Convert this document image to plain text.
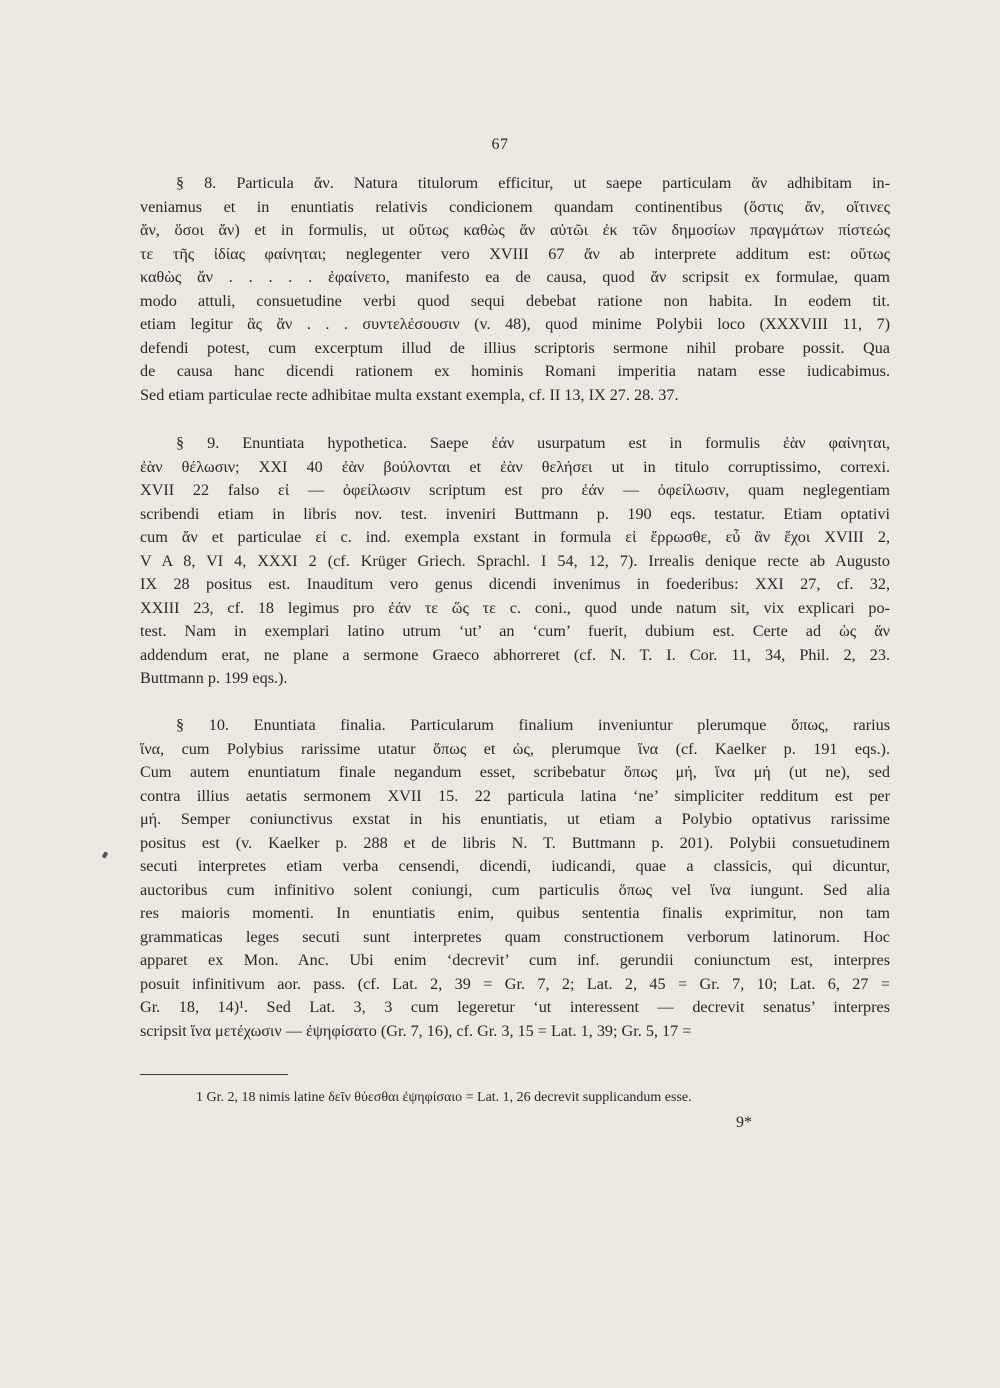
67
§ 8. Particula ἄν. Natura titulorum efficitur, ut saepe particulam ἄν adhibitam in-
veniamus et in enuntiatis relativis condicionem quandam continentibus (ὅστις ἄν, οἵτινες
ἄν, ὅσοι ἄν) et in formulis, ut οὕτως καθὼς ἄν αὐτῶι ἐκ τῶν δημοσίων πραγμάτων πίστεώς
τε τῆς ἰδίας φαίνηται; neglegenter vero XVIII 67 ἄν ab interprete additum est: οὕτως
καθὼς ἄν . . . . . ἐφαίνετο, manifesto ea de causa, quod ἄν scripsit ex formulae, quam
modo attuli, consuetudine verbi quod sequi debebat ratione non habita. In eodem tit.
etiam legitur ἃς ἄν . . . συντελέσουσιν (v. 48), quod minime Polybii loco (XXXVIII 11, 7)
defendi potest, cum excerptum illud de illius scriptoris sermone nihil probare possit. Qua
de causa hanc dicendi rationem ex hominis Romani imperitia natam esse iudicabimus.
Sed etiam particulae recte adhibitae multa exstant exempla, cf. II 13, IX 27. 28. 37.
§ 9. Enuntiata hypothetica. Saepe ἐάν usurpatum est in formulis ἐὰν φαίνηται,
ἐὰν θέλωσιν; XXI 40 ἐὰν βούλονται et ἐὰν θελήσει ut in titulo corruptissimo, correxi.
XVII 22 falso εἰ — ὀφείλωσιν scriptum est pro ἐάν — ὀφείλωσιν, quam neglegentiam
scribendi etiam in libris nov. test. inveniri Buttmann p. 190 eqs. testatur. Etiam optativi
cum ἄν et particulae εἰ c. ind. exempla exstant in formula εἰ ἔρρωσθε, εὖ ἂν ἔχοι XVIII 2,
V A 8, VI 4, XXXI 2 (cf. Krüger Griech. Sprachl. I 54, 12, 7). Irrealis denique recte ab Augusto
IX 28 positus est. Inauditum vero genus dicendi invenimus in foederibus: XXI 27, cf. 32,
XXIII 23, cf. 18 legimus pro ἐάν τε ὥς τε c. coni., quod unde natum sit, vix explicari po-
test. Nam in exemplari latino utrum ‘ut’ an ‘cum’ fuerit, dubium est. Certe ad ὡς ἄν
addendum erat, ne plane a sermone Graeco abhorreret (cf. N. T. I. Cor. 11, 34, Phil. 2, 23.
Buttmann p. 199 eqs.).
§ 10. Enuntiata finalia. Particularum finalium inveniuntur plerumque ὅπως, rarius
ἵνα, cum Polybius rarissime utatur ὅπως et ὡς, plerumque ἵνα (cf. Kaelker p. 191 eqs.).
Cum autem enuntiatum finale negandum esset, scribebatur ὅπως μή, ἵνα μή (ut ne), sed
contra illius aetatis sermonem XVII 15. 22 particula latina ‘ne’ simpliciter redditum est per
μή. Semper coniunctivus exstat in his enuntiatis, ut etiam a Polybio optativus rarissime
positus est (v. Kaelker p. 288 et de libris N. T. Buttmann p. 201). Polybii consuetudinem
secuti interpretes etiam verba censendi, dicendi, iudicandi, quae a classicis, qui dicuntur,
auctoribus cum infinitivo solent coniungi, cum particulis ὅπως vel ἵνα iungunt. Sed alia
res maioris momenti. In enuntiatis enim, quibus sententia finalis exprimitur, non tam
grammaticas leges secuti sunt interpretes quam constructionem verborum latinorum. Hoc
apparet ex Mon. Anc. Ubi enim ‘decrevit’ cum inf. gerundii coniunctum est, interpres
posuit infinitivum aor. pass. (cf. Lat. 2, 39 = Gr. 7, 2; Lat. 2, 45 = Gr. 7, 10; Lat. 6, 27 =
Gr. 18, 14)¹. Sed Lat. 3, 3 cum legeretur ‘ut interessent — decrevit senatus’ interpres
scripsit ἵνα μετέχωσιν — ἐψηφίσατο (Gr. 7, 16), cf. Gr. 3, 15 = Lat. 1, 39; Gr. 5, 17 =
1 Gr. 2, 18 nimis latine δεῖν θύεσθαι ἐψηφίσαιο = Lat. 1, 26 decrevit supplicandum esse.
9*
